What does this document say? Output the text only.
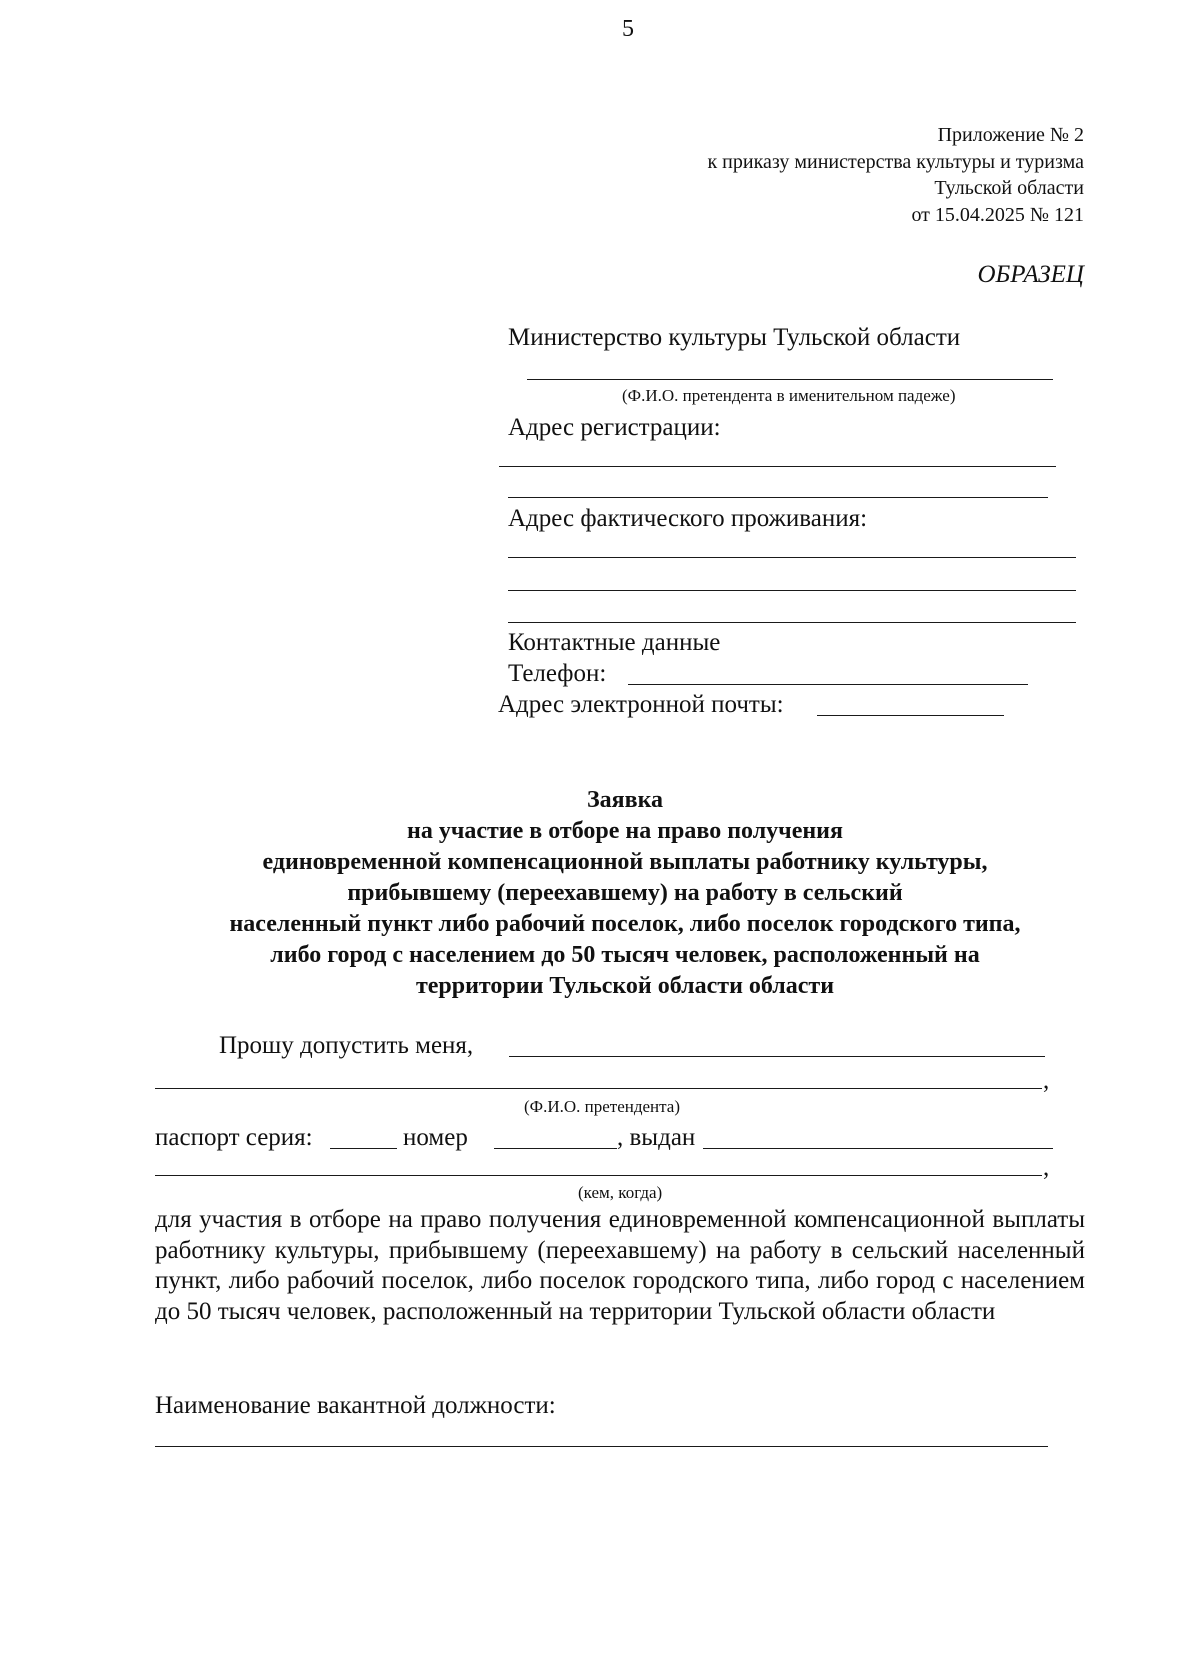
5
Приложение № 2
к приказу министерства культуры и туризма
Тульской области
от 15.04.2025 № 121
ОБРАЗЕЦ
Министерство культуры Тульской области
(Ф.И.О. претендента в именительном падеже)
Адрес регистрации:
Адрес фактического проживания:
Контактные данные
Телефон:
Адрес электронной почты:
Заявка
на участие в отборе на право получения
единовременной компенсационной выплаты работнику культуры,
прибывшему (переехавшему) на работу в сельский
населенный пункт либо рабочий поселок, либо поселок городского типа,
либо город с населением до 50 тысяч человек, расположенный на
территории Тульской области области
Прошу допустить меня,
,
(Ф.И.О. претендента)
паспорт серия:	номер	, выдан
,
(кем, когда)
для участия в отборе на право получения единовременной компенсационной выплаты работнику культуры, прибывшему (переехавшему) на работу в сельский населенный пункт, либо рабочий поселок, либо поселок городского типа, либо город с населением до 50 тысяч человек, расположенный на территории Тульской области области
Наименование вакантной должности:
